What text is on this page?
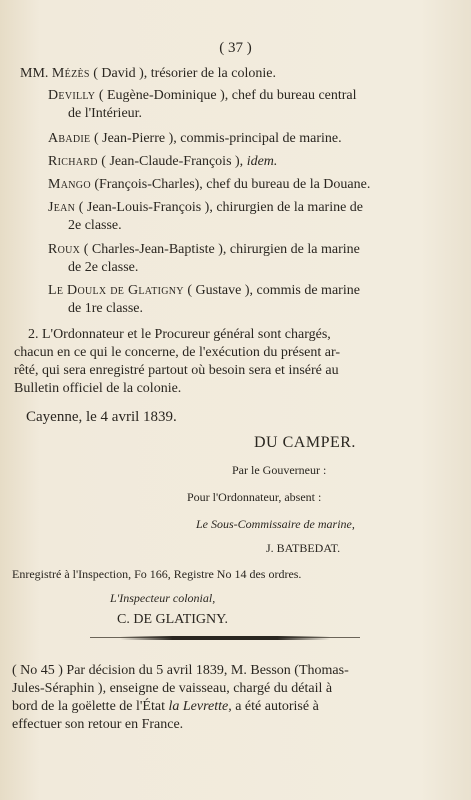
( 37 )
MM. Mézès ( David ), trésorier de la colonie.
Devilly ( Eugène-Dominique ), chef du bureau central
de l'Intérieur.
Abadie ( Jean-Pierre ), commis-principal de marine.
Richard ( Jean-Claude-François ), idem.
Mango (François-Charles), chef du bureau de la Douane.
Jean ( Jean-Louis-François ), chirurgien de la marine de
2e classe.
Roux ( Charles-Jean-Baptiste ), chirurgien de la marine
de 2e classe.
Le Doulx de Glatigny ( Gustave ), commis de marine
de 1re classe.
2. L'Ordonnateur et le Procureur général sont chargés,
chacun en ce qui le concerne, de l'exécution du présent ar-
rêté, qui sera enregistré partout où besoin sera et inséré au
Bulletin officiel de la colonie.
Cayenne, le 4 avril 1839.
DU CAMPER.
Par le Gouverneur :
Pour l'Ordonnateur, absent :
Le Sous-Commissaire de marine,
J. BATBEDAT.
Enregistré à l'Inspection, Fo 166, Registre No 14 des ordres.
L'Inspecteur colonial,
C. DE GLATIGNY.
( No 45 ) Par décision du 5 avril 1839, M. Besson (Thomas-
Jules-Séraphin ), enseigne de vaisseau, chargé du détail à
bord de la goëlette de l'État la Levrette, a été autorisé à
effectuer son retour en France.
